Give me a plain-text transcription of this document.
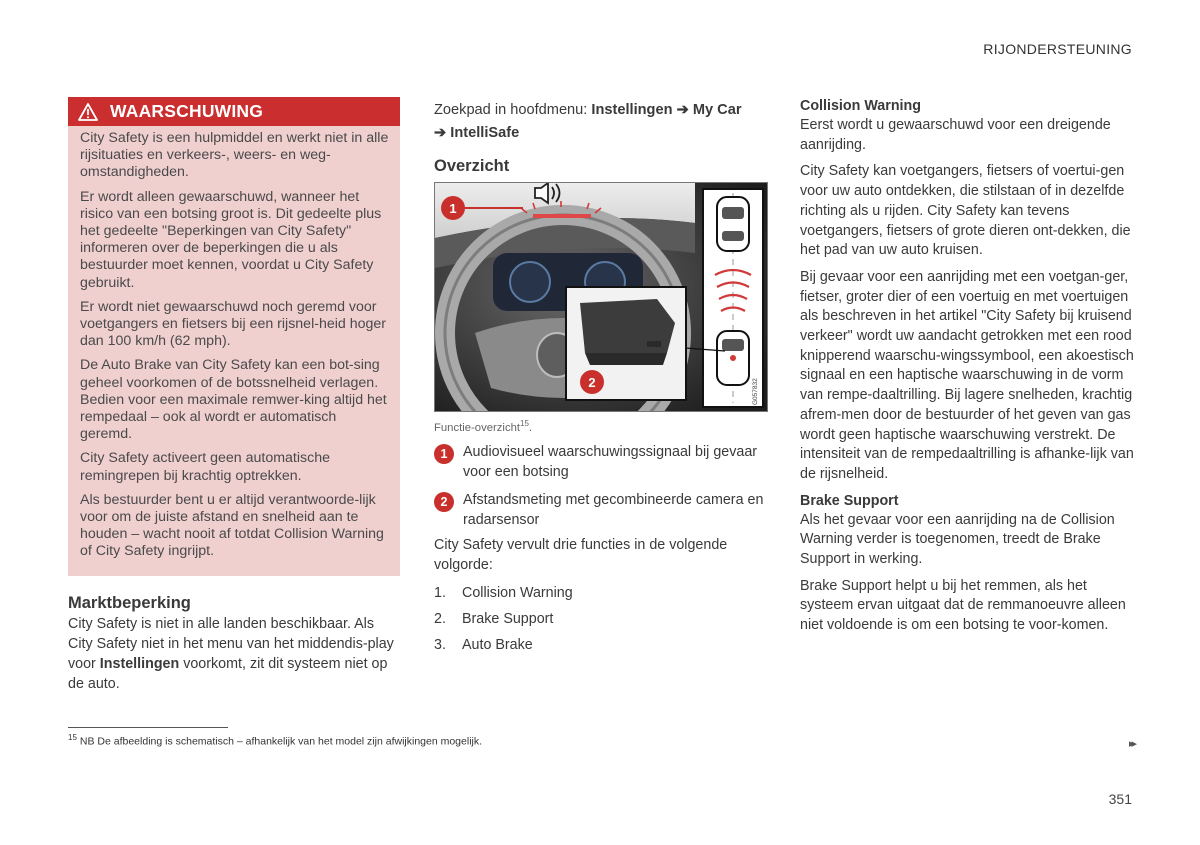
RIJONDERSTEUNING
WAARSCHUWING

City Safety is een hulpmiddel en werkt niet in alle rijsituaties en verkeers-, weers- en weg-omstandigheden.

Er wordt alleen gewaarschuwd, wanneer het risico van een botsing groot is. Dit gedeelte plus het gedeelte "Beperkingen van City Safety" informeren over de beperkingen die u als bestuurder moet kennen, voordat u City Safety gebruikt.

Er wordt niet gewaarschuwd noch geremd voor voetgangers en fietsers bij een rijsnel-heid hoger dan 100 km/h (62 mph).

De Auto Brake van City Safety kan een bot-sing geheel voorkomen of de botssnelheid verlagen. Bedien voor een maximale remwer-king altijd het rempedaal – ook al wordt er automatisch geremd.

City Safety activeert geen automatische remingrepen bij krachtig optrekken.

Als bestuurder bent u er altijd verantwoorde-lijk voor om de juiste afstand en snelheid aan te houden – wacht nooit af totdat Collision Warning of City Safety ingrijpt.

Marktbeperking

City Safety is niet in alle landen beschikbaar. Als City Safety niet in het menu van het middendis-play voor Instellingen voorkomt, zit dit systeem niet op de auto.

Zoekpad in hoofdmenu: Instellingen ➔ My Car
➔ IntelliSafe

Overzicht
1
2	G057832

Functie-overzicht$^{15}$.

1	Audiovisueel waarschuwingssignaal bij gevaar voor een botsing
2	Afstandsmeting met gecombineerde camera en radarsensor

City Safety vervult drie functies in de volgende volgorde:

1.	Collision Warning
2.	Brake Support
3.	Auto Brake
Collision Warning

Eerst wordt u gewaarschuwd voor een dreigende aanrijding.

City Safety kan voetgangers, fietsers of voertui-gen voor uw auto ontdekken, die stilstaan of in dezelfde richting als u rijden. City Safety kan tevens voetgangers, fietsers of grote dieren ont-dekken, die het pad van uw auto kruisen.

Bij gevaar voor een aanrijding met een voetgan-ger, fietser, groter dier of een voertuig en met voertuigen als beschreven in het artikel "City Safety bij kruisend verkeer" wordt uw aandacht getrokken met een rood knipperend waarschu-wingssymbool, een akoestisch signaal en een haptische waarschuwing in de vorm van rempe-daaltrilling. Bij lagere snelheden, krachtig afrem-men door de bestuurder of het geven van gas wordt geen haptische waarschuwing verstrekt. De intensiteit van de rempedaaltrilling is afhanke-lijk van de rijsnelheid.

Brake Support

Als het gevaar voor een aanrijding na de Collision Warning verder is toegenomen, treedt de Brake Support in werking.

Brake Support helpt u bij het remmen, als het systeem ervan uitgaat dat de remmanoeuvre alleen niet voldoende is om een botsing te voor-komen.

$^{15}$ NB De afbeelding is schematisch – afhankelijk van het model zijn afwijkingen mogelijk.	▸▸
351
